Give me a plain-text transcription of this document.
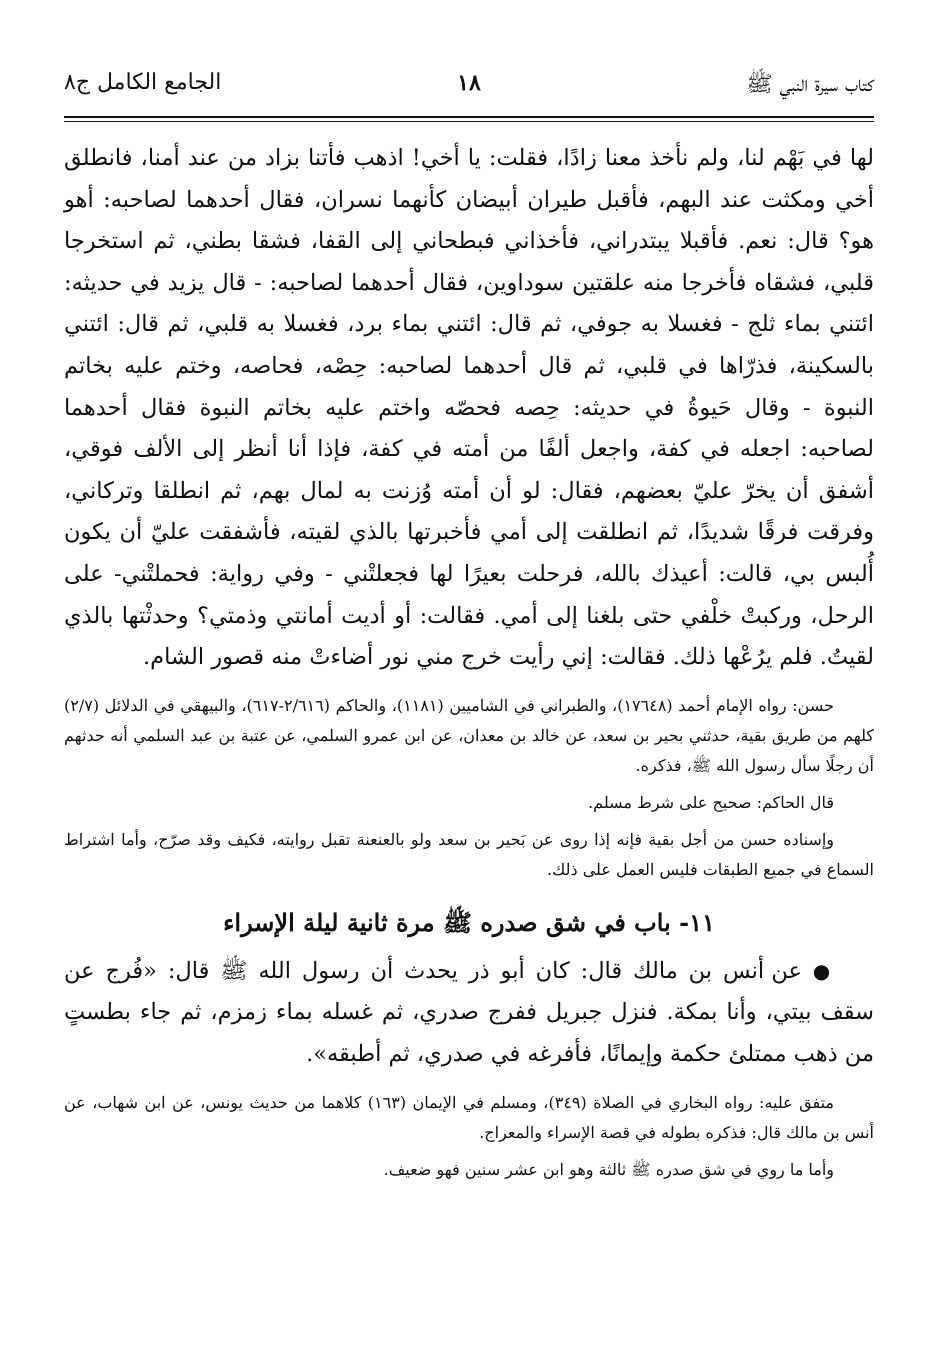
كتاب سيرة النبي ﷺ
١٨
الجامع الكامل ج٨

لها في بَهْم لنا، ولم نأخذ معنا زادًا، فقلت: يا أخي! اذهب فأتنا بزاد من عند أمنا، فانطلق أخي ومكثت عند البهم، فأقبل طيران أبيضان كأنهما نسران، فقال أحدهما لصاحبه: أهو هو؟ قال: نعم. فأقبلا يبتدراني، فأخذاني فبطحاني إلى القفا، فشقا بطني، ثم استخرجا قلبي، فشقاه فأخرجا منه علقتين سوداوين، فقال أحدهما لصاحبه: - قال يزيد في حديثه: ائتني بماء ثلج - فغسلا به جوفي، ثم قال: ائتني بماء برد، فغسلا به قلبي، ثم قال: ائتني بالسكينة، فذرّاها في قلبي، ثم قال أحدهما لصاحبه: حِصْه، فحاصه، وختم عليه بخاتم النبوة - وقال حَيوةُ في حديثه: حِصه فحصّه واختم عليه بخاتم النبوة فقال أحدهما لصاحبه: اجعله في كفة، واجعل ألفًا من أمته في كفة، فإذا أنا أنظر إلى الألف فوقي، أشفق أن يخرّ عليّ بعضهم، فقال: لو أن أمته وُزنت به لمال بهم، ثم انطلقا وتركاني، وفرقت فرقًا شديدًا، ثم انطلقت إلى أمي فأخبرتها بالذي لقيته، فأشفقت عليّ أن يكون أُلبس بي، قالت: أعيذك بالله، فرحلت بعيرًا لها فجعلتْني - وفي رواية: فحملتْني- على الرحل، وركبتْ خلْفي حتى بلغنا إلى أمي. فقالت: أو أديت أمانتي وذمتي؟ وحدثْتها بالذي لقيتُ. فلم يرُعْها ذلك. فقالت: إني رأيت خرج مني نور أضاءتْ منه قصور الشام.

حسن: رواه الإمام أحمد (١٧٦٤٨)، والطبراني في الشاميين (١١٨١)، والحاكم (٢/٦١٦-٦١٧)، والبيهقي في الدلائل (٢/٧) كلهم من طريق بقية، حدثني بحير بن سعد، عن خالد بن معدان، عن ابن عمرو السلمي، عن عتبة بن عبد السلمي أنه حدثهم أن رجلًا سأل رسول الله ﷺ، فذكره.

قال الحاكم: صحيح على شرط مسلم.

وإسناده حسن من أجل بقية فإنه إذا روى عن بَحير بن سعد ولو بالعنعنة تقبل روايته، فكيف وقد صرّح، وأما اشتراط السماع في جميع الطبقات فليس العمل على ذلك.

١١- باب في شق صدره ﷺ مرة ثانية ليلة الإسراء

● عن أنس بن مالك قال: كان أبو ذر يحدث أن رسول الله ﷺ قال: «فُرج عن سقف بيتي، وأنا بمكة. فنزل جبريل ففرج صدري، ثم غسله بماء زمزم، ثم جاء بطستٍ من ذهب ممتلئ حكمة وإيمانًا، فأفرغه في صدري، ثم أطبقه».

متفق عليه: رواه البخاري في الصلاة (٣٤٩)، ومسلم في الإيمان (١٦٣) كلاهما من حديث يونس، عن ابن شهاب، عن أنس بن مالك قال: فذكره بطوله في قصة الإسراء والمعراج.

وأما ما روي في شق صدره ﷺ ثالثة وهو ابن عشر سنين فهو ضعيف.
